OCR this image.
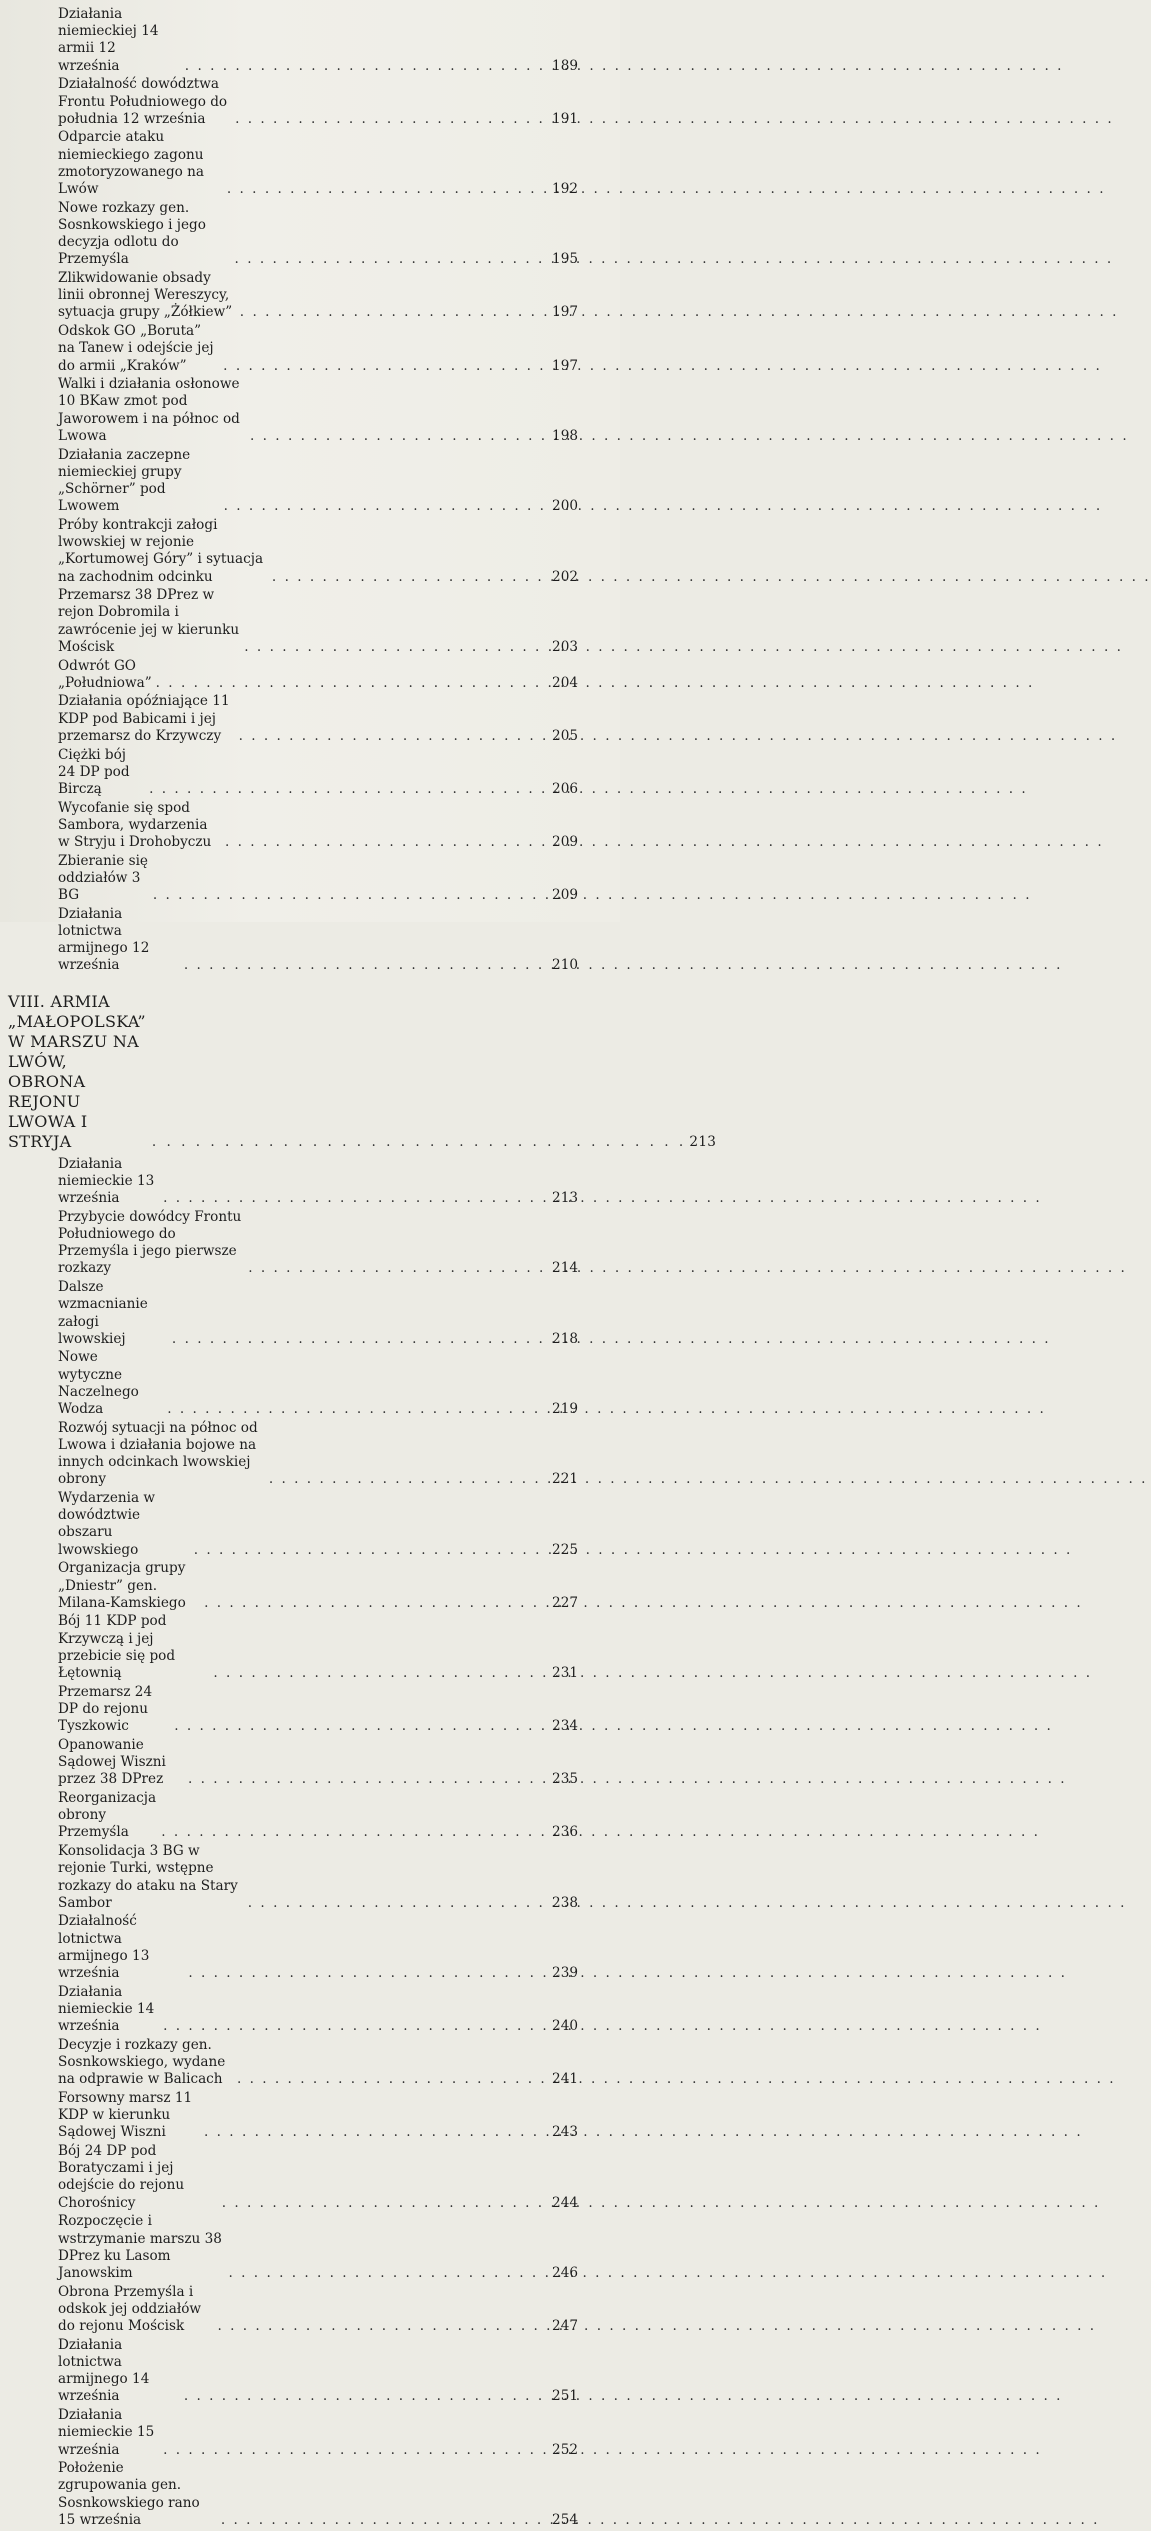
Działania niemieckiej 14 armii 12 września . . .	189
Działalność dowództwa Frontu Południowego do południa 12 września . . .	191
Odparcie ataku niemieckiego zagonu zmotoryzowanego na Lwów . . .	192
Nowe rozkazy gen. Sosnkowskiego i jego decyzja odlotu do Przemyśla . . .	195
Zlikwidowanie obsady linii obronnej Wereszycy, sytuacja grupy „Żółkiew” . . .	197
Odskok GO „Boruta” na Tanew i odejście jej do armii „Kraków” . . .	197
Walki i działania osłonowe 10 BKaw zmot pod Jaworowem i na północ od Lwowa . . .	198
Działania zaczepne niemieckiej grupy „Schörner” pod Lwowem . . .	200
Próby kontrakcji załogi lwowskiej w rejonie „Kortumowej Góry” i sytuacja na zachodnim odcinku . . .	202
Przemarsz 38 DPrez w rejon Dobromila i zawrócenie jej w kierunku Mościsk . . .	203
Odwrót GO „Południowa” . . .	204
Działania opóźniające 11 KDP pod Babicami i jej przemarsz do Krzywczy . . .	205
Ciężki bój 24 DP pod Birczą . . .	206
Wycofanie się spod Sambora, wydarzenia w Stryju i Drohobyczu . . .	209
Zbieranie się oddziałów 3 BG . . .	209
Działania lotnictwa armijnego 12 września . . .	210
VIII. ARMIA „MAŁOPOLSKA” W MARSZU NA LWÓW, OBRONA REJONU LWOWA I STRYJA . . .	213
Działania niemieckie 13 września . . .	213
Przybycie dowódcy Frontu Południowego do Przemyśla i jego pierwsze rozkazy . . .	214
Dalsze wzmacnianie załogi lwowskiej . . .	218
Nowe wytyczne Naczelnego Wodza . . .	219
Rozwój sytuacji na północ od Lwowa i działania bojowe na innych odcinkach lwowskiej obrony . . .	221
Wydarzenia w dowództwie obszaru lwowskiego . . .	225
Organizacja grupy „Dniestr” gen. Milana-Kamskiego . . .	227
Bój 11 KDP pod Krzywczą i jej przebicie się pod Łętownią . . .	231
Przemarsz 24 DP do rejonu Tyszkowic . . .	234
Opanowanie Sądowej Wiszni przez 38 DPrez . . .	235
Reorganizacja obrony Przemyśla . . .	236
Konsolidacja 3 BG w rejonie Turki, wstępne rozkazy do ataku na Stary Sambor . . .	238
Działalność lotnictwa armijnego 13 września . . .	239
Działania niemieckie 14 września . . .	240
Decyzje i rozkazy gen. Sosnkowskiego, wydane na odprawie w Balicach . . .	241
Forsowny marsz 11 KDP w kierunku Sądowej Wiszni . . .	243
Bój 24 DP pod Boratyczami i jej odejście do rejonu Chorośnicy . . .	244
Rozpoczęcie i wstrzymanie marszu 38 DPrez ku Lasom Janowskim . . .	246
Obrona Przemyśla i odskok jej oddziałów do rejonu Mościsk . . .	247
Działania lotnictwa armijnego 14 września . . .	251
Działania niemieckie 15 września . . .	252
Położenie zgrupowania gen. Sosnkowskiego rano 15 września . . .	254
